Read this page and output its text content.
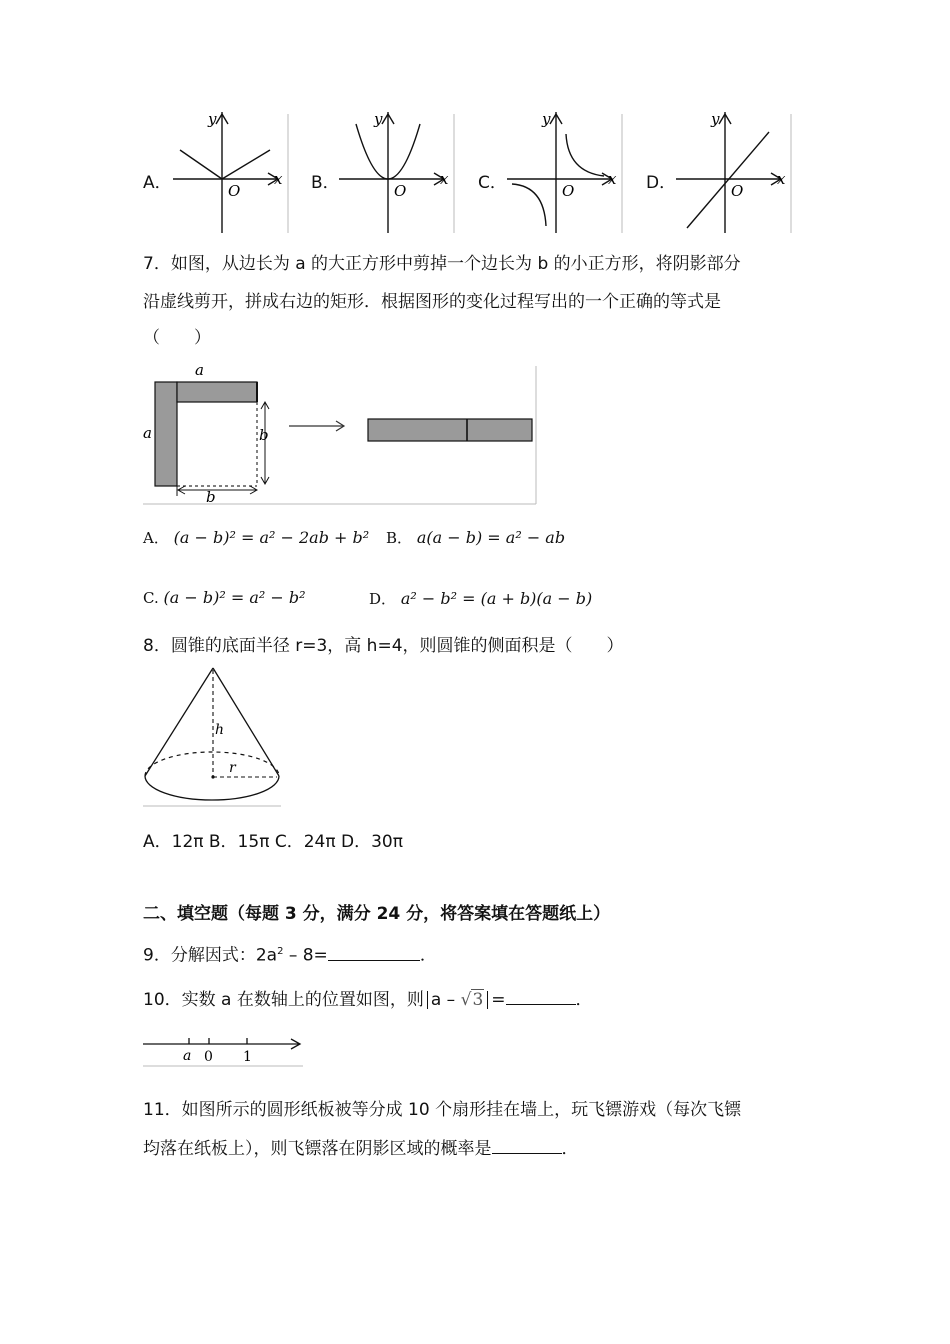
A．
y
x
O	B．
y
x
O	C．
y
x
O	D．
y
x
O
7．如图，从边长为 a 的大正方形中剪掉一个边长为 b 的小正方形，将阴影部分
沿虚线剪开，拼成右边的矩形．根据图形的变化过程写出的一个正确的等式是
（　　）
a
a	b
b
A． (a − b)² = a² − 2ab + b² B． a(a − b) = a² − ab
C. (a − b)² = a² − b²	D． a² − b² = (a + b)(a − b)
8．圆锥的底面半径 r=3，高 h=4，则圆锥的侧面积是（　　）
h
r
A．12π B．15π C．24π D．30π
二、填空题（每题 3 分，满分 24 分，将答案填在答题纸上）
9．分解因式：$2a^2 - 8=$	．
10．实数 a 在数轴上的位置如图，则 a – √3 =	．
a 0 1
11．如图所示的圆形纸板被等分成 10 个扇形挂在墙上，玩飞镖游戏（每次飞镖
均落在纸板上），则飞镖落在阴影区域的概率是	．
